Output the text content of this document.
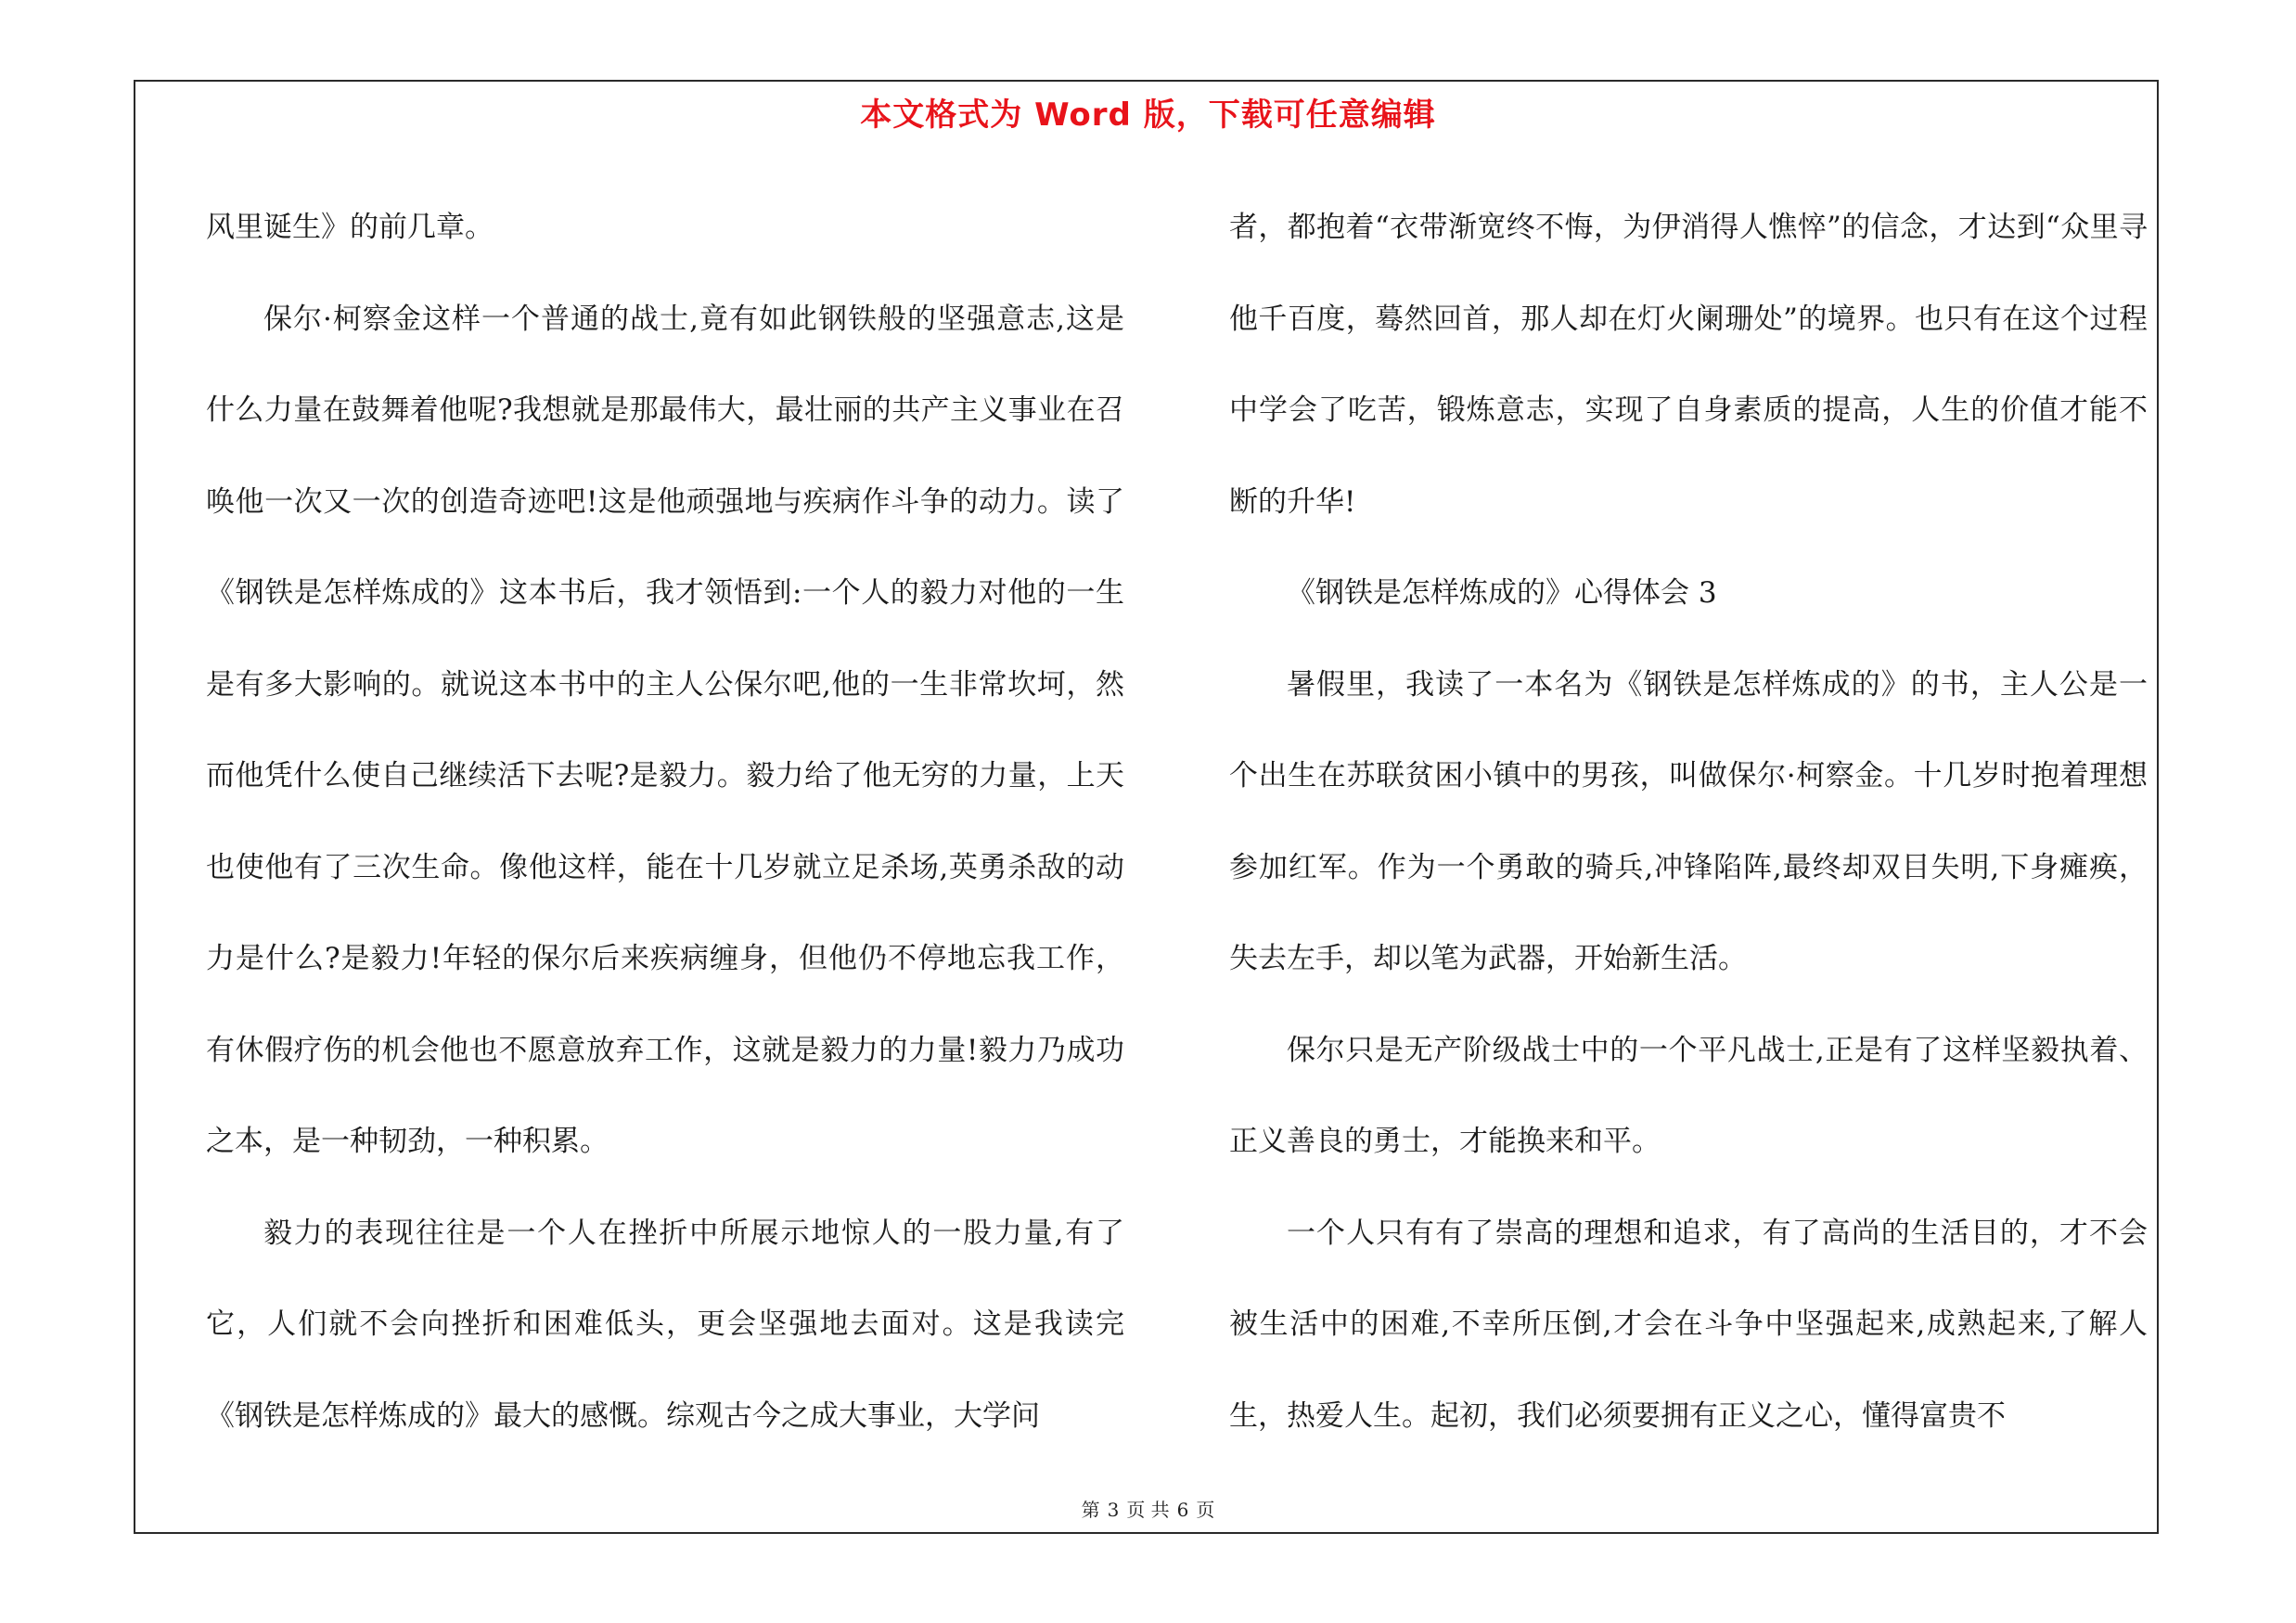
本文格式为 Word 版，下载可任意编辑

风里诞生》的前几章。

保尔·柯察金这样一个普通的战士,竟有如此钢铁般的坚强意志,这是什么力量在鼓舞着他呢?我想就是那最伟大，最壮丽的共产主义事业在召唤他一次又一次的创造奇迹吧!这是他顽强地与疾病作斗争的动力。读了《钢铁是怎样炼成的》这本书后，我才领悟到:一个人的毅力对他的一生是有多大影响的。就说这本书中的主人公保尔吧,他的一生非常坎坷，然而他凭什么使自己继续活下去呢?是毅力。毅力给了他无穷的力量，上天也使他有了三次生命。像他这样，能在十几岁就立足杀场,英勇杀敌的动力是什么?是毅力!年轻的保尔后来疾病缠身，但他仍不停地忘我工作，有休假疗伤的机会他也不愿意放弃工作，这就是毅力的力量!毅力乃成功之本，是一种韧劲，一种积累。

毅力的表现往往是一个人在挫折中所展示地惊人的一股力量,有了它，人们就不会向挫折和困难低头，更会坚强地去面对。这是我读完《钢铁是怎样炼成的》最大的感慨。综观古今之成大事业，大学问

者，都抱着“衣带渐宽终不悔，为伊消得人憔悴”的信念，才达到“众里寻他千百度，蓦然回首，那人却在灯火阑珊处”的境界。也只有在这个过程中学会了吃苦，锻炼意志，实现了自身素质的提高，人生的价值才能不断的升华!

《钢铁是怎样炼成的》心得体会 3

暑假里，我读了一本名为《钢铁是怎样炼成的》的书，主人公是一个出生在苏联贫困小镇中的男孩，叫做保尔·柯察金。十几岁时抱着理想参加红军。作为一个勇敢的骑兵,冲锋陷阵,最终却双目失明,下身瘫痪，失去左手，却以笔为武器，开始新生活。

保尔只是无产阶级战士中的一个平凡战士,正是有了这样坚毅执着、正义善良的勇士，才能换来和平。

一个人只有有了崇高的理想和追求，有了高尚的生活目的，才不会被生活中的困难,不幸所压倒,才会在斗争中坚强起来,成熟起来,了解人生，热爱人生。起初，我们必须要拥有正义之心，懂得富贵不

第 3 页 共 6 页
